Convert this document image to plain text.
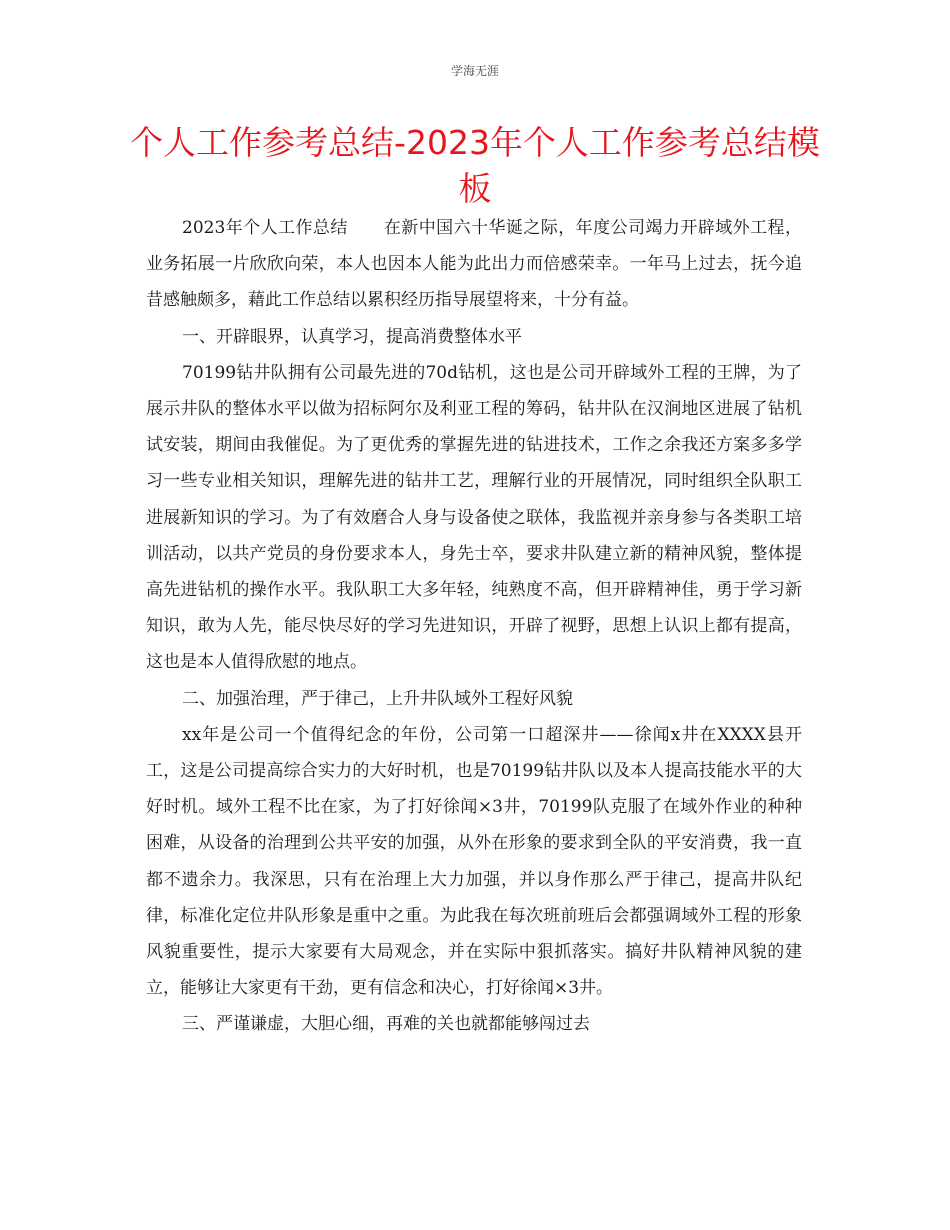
学海无涯
个人工作参考总结-2023年个人工作参考总结模板

2023年个人工作总结 在新中国六十华诞之际，年度公司竭力开辟域外工程，业务拓展一片欣欣向荣，本人也因本人能为此出力而倍感荣幸。一年马上过去，抚今追昔感触颇多，藉此工作总结以累积经历指导展望将来，十分有益。

一、开辟眼界，认真学习，提高消费整体水平

70199钻井队拥有公司最先进的70d钻机，这也是公司开辟域外工程的王牌，为了展示井队的整体水平以做为招标阿尔及利亚工程的筹码，钻井队在汉涧地区进展了钻机试安装，期间由我催促。为了更优秀的掌握先进的钻进技术，工作之余我还方案多多学习一些专业相关知识，理解先进的钻井工艺，理解行业的开展情况，同时组织全队职工进展新知识的学习。为了有效磨合人身与设备使之联体，我监视并亲身参与各类职工培训活动，以共产党员的身份要求本人，身先士卒，要求井队建立新的精神风貌，整体提高先进钻机的操作水平。我队职工大多年轻，纯熟度不高，但开辟精神佳，勇于学习新知识，敢为人先，能尽快尽好的学习先进知识，开辟了视野，思想上认识上都有提高，这也是本人值得欣慰的地点。

二、加强治理，严于律己，上升井队域外工程好风貌

xx年是公司一个值得纪念的年份，公司第一口超深井——徐闻x井在XXXX县开工，这是公司提高综合实力的大好时机，也是70199钻井队以及本人提高技能水平的大好时机。域外工程不比在家，为了打好徐闻×3井，70199队克服了在域外作业的种种困难，从设备的治理到公共平安的加强，从外在形象的要求到全队的平安消费，我一直都不遗余力。我深思，只有在治理上大力加强，并以身作那么严于律己，提高井队纪律，标准化定位井队形象是重中之重。为此我在每次班前班后会都强调域外工程的形象风貌重要性，提示大家要有大局观念，并在实际中狠抓落实。搞好井队精神风貌的建立，能够让大家更有干劲，更有信念和决心，打好徐闻×3井。

三、严谨谦虚，大胆心细，再难的关也就都能够闯过去
